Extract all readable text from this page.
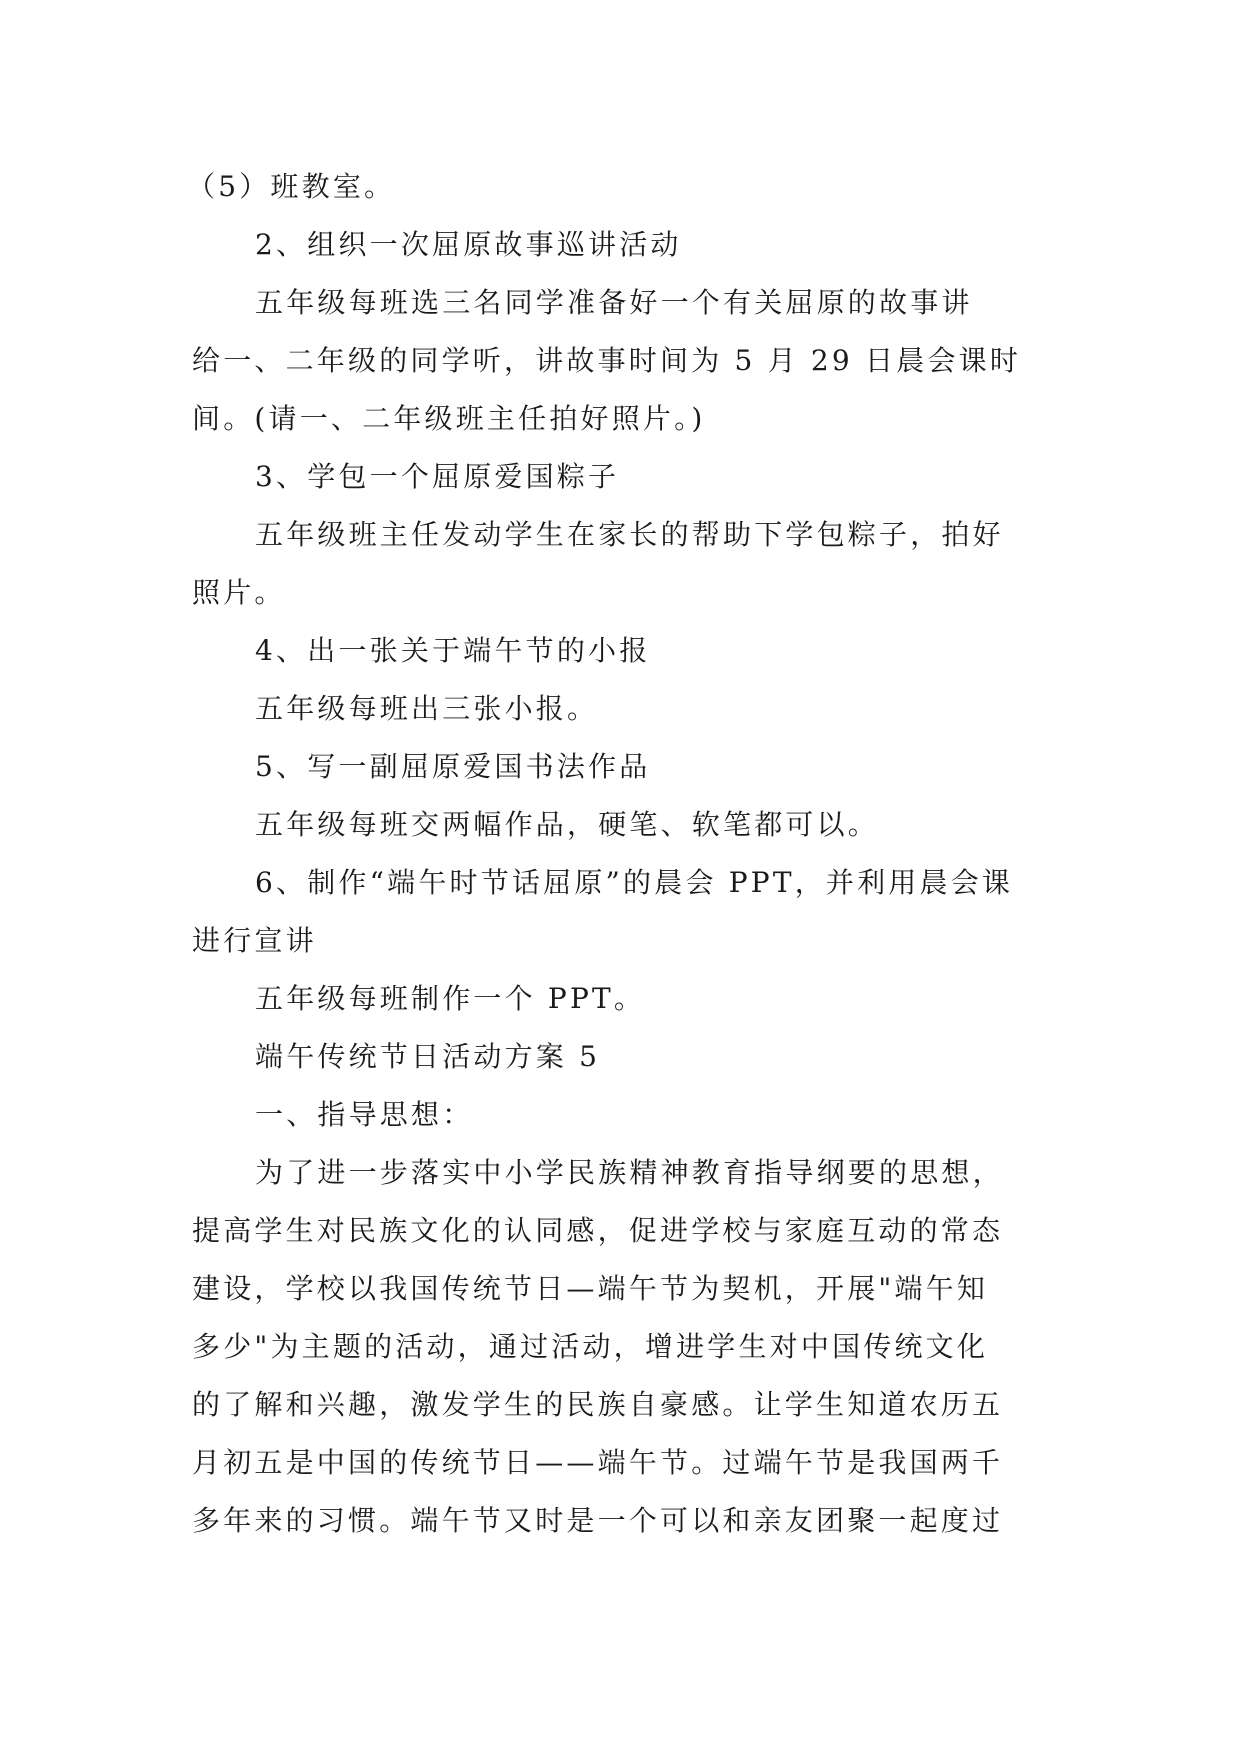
（5）班教室。
2、组织一次屈原故事巡讲活动
五年级每班选三名同学准备好一个有关屈原的故事讲
给一、二年级的同学听，讲故事时间为 5 月 29 日晨会课时
间。(请一、二年级班主任拍好照片。)
3、学包一个屈原爱国粽子
五年级班主任发动学生在家长的帮助下学包粽子，拍好
照片。
4、出一张关于端午节的小报
五年级每班出三张小报。
5、写一副屈原爱国书法作品
五年级每班交两幅作品，硬笔、软笔都可以。
6、制作“端午时节话屈原”的晨会 PPT，并利用晨会课
进行宣讲
五年级每班制作一个 PPT。
端午传统节日活动方案 5
一、指导思想：
为了进一步落实中小学民族精神教育指导纲要的思想，
提高学生对民族文化的认同感，促进学校与家庭互动的常态
建设，学校以我国传统节日—端午节为契机，开展"端午知
多少"为主题的活动，通过活动，增进学生对中国传统文化
的了解和兴趣，激发学生的民族自豪感。让学生知道农历五
月初五是中国的传统节日——端午节。过端午节是我国两千
多年来的习惯。端午节又时是一个可以和亲友团聚一起度过
